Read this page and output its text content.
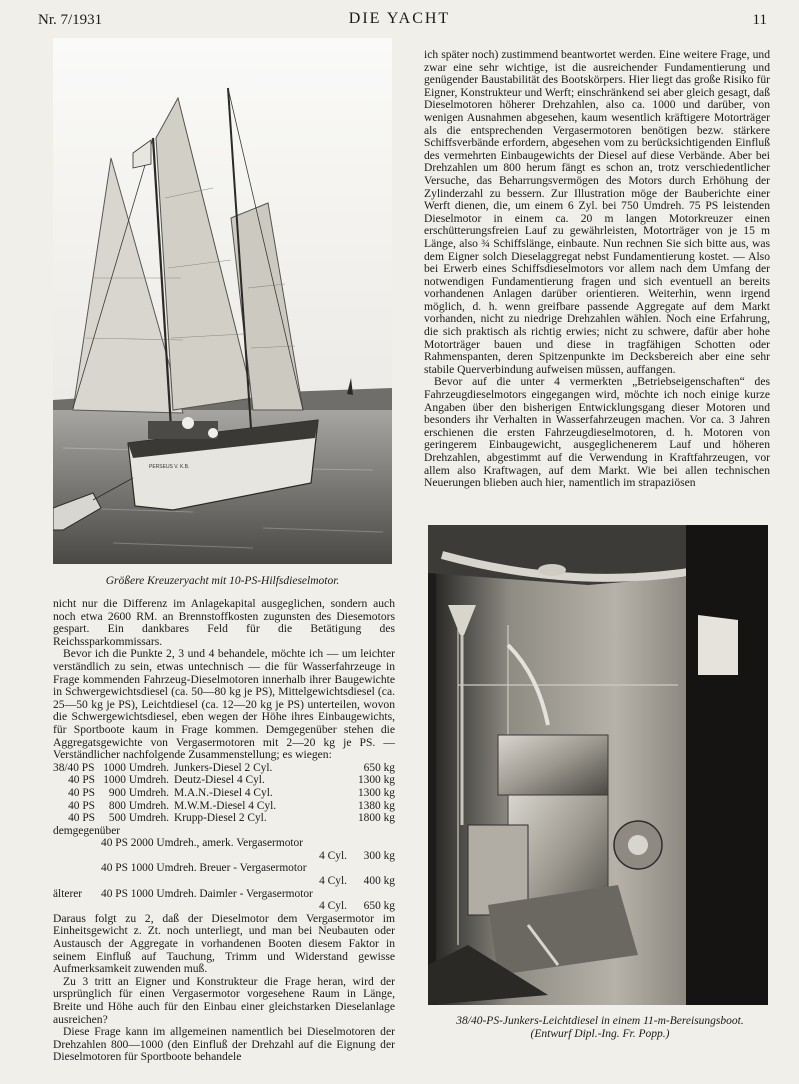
Nr. 7/1931	DIE YACHT	11
PERSEUS V. K.B.
Größere Kreuzeryacht mit 10-PS-Hilfsdieselmotor.

nicht nur die Differenz im Anlagekapital ausgeglichen, sondern auch noch etwa 2600 RM. an Brennstoffkosten zugunsten des Diesemotors gespart. Ein dankbares Feld für die Betätigung des Reichssparkommissars.

Bevor ich die Punkte 2, 3 und 4 behandele, möchte ich — um leichter verständlich zu sein, etwas untechnisch — die für Wasserfahrzeuge in Frage kommenden Fahrzeug-Dieselmotoren innerhalb ihrer Baugewichte in Schwergewichtsdiesel (ca. 50—80 kg je PS), Mittelgewichtsdiesel (ca. 25—50 kg je PS), Leichtdiesel (ca. 12—20 kg je PS) unterteilen, wovon die Schwergewichtsdiesel, eben wegen der Höhe ihres Einbaugewichts, für Sportboote kaum in Frage kommen. Demgegenüber stehen die Aggregatsgewichte von Vergasermotoren mit 2—20 kg je PS. — Verständlicher nachfolgende Zusammenstellung; es wiegen:

38/40 PS 1000 Umdreh. Junkers-Diesel 2 Cyl.	650 kg
40 PS 1000 Umdreh. Deutz-Diesel 4 Cyl.	1300 kg
40 PS	900 Umdreh. M.A.N.-Diesel 4 Cyl.	1300 kg
40 PS	800 Umdreh. M.W.M.-Diesel 4 Cyl.	1380 kg
40 PS	500 Umdreh. Krupp-Diesel 2 Cyl.	1800 kg
demgegenüber
40 PS 2000 Umdreh., amerk. Vergasermotor
4 Cyl.	300 kg
40 PS 1000 Umdreh. Breuer - Vergasermotor
4 Cyl.	400 kg
älterer	40 PS 1000 Umdreh. Daimler - Vergasermotor
4 Cyl.	650 kg

Daraus folgt zu 2, daß der Dieselmotor dem Vergasermotor im Einheitsgewicht z. Zt. noch unterliegt, und man bei Neubauten oder Austausch der Aggregate in vorhandenen Booten diesem Faktor in seinem Einfluß auf Tauchung, Trimm und Widerstand gewisse Aufmerksamkeit zuwenden muß.

Zu 3 tritt an Eigner und Konstrukteur die Frage heran, wird der ursprünglich für einen Vergasermotor vorgesehene Raum in Länge, Breite und Höhe auch für den Einbau einer gleichstarken Dieselanlage ausreichen?

Diese Frage kann im allgemeinen namentlich bei Dieselmotoren der Drehzahlen 800—1000 (den Einfluß der Drehzahl auf die Eignung der Dieselmotoren für Sportboote behandele

ich später noch) zustimmend beantwortet werden. Eine weitere Frage, und zwar eine sehr wichtige, ist die ausreichender Fundamentierung und genügender Baustabilität des Bootskörpers. Hier liegt das große Risiko für Eigner, Konstrukteur und Werft; einschränkend sei aber gleich gesagt, daß Dieselmotoren höherer Drehzahlen, also ca. 1000 und darüber, von wenigen Ausnahmen abgesehen, kaum wesentlich kräftigere Motorträger als die entsprechenden Vergasermotoren benötigen bezw. stärkere Schiffsverbände erfordern, abgesehen vom zu berücksichtigenden Einfluß des vermehrten Einbaugewichts der Diesel auf diese Verbände. Aber bei Drehzahlen um 800 herum fängt es schon an, trotz verschiedentlicher Versuche, das Beharrungsvermögen des Motors durch Erhöhung der Zylinderzahl zu bessern. Zur Illustration möge der Bauberichte einer Werft dienen, die, um einem 6 Zyl. bei 750 Umdreh. 75 PS leistenden Dieselmotor in einem ca. 20 m langen Motorkreuzer einen erschütterungsfreien Lauf zu gewährleisten, Motorträger von je 15 m Länge, also ¾ Schiffslänge, einbaute. Nun rechnen Sie sich bitte aus, was dem Eigner solch Dieselaggregat nebst Fundamentierung kostet. — Also bei Erwerb eines Schiffsdieselmotors vor allem nach dem Umfang der notwendigen Fundamentierung fragen und sich eventuell an bereits vorhandenen Anlagen darüber orientieren. Weiterhin, wenn irgend möglich, d. h. wenn greifbare passende Aggregate auf dem Markt vorhanden, nicht zu niedrige Drehzahlen wählen. Noch eine Erfahrung, die sich praktisch als richtig erwies; nicht zu schwere, dafür aber hohe Motorträger bauen und diese in tragfähigen Schotten oder Rahmenspanten, deren Spitzenpunkte im Decksbereich aber eine sehr stabile Querverbindung aufweisen müssen, auffangen.

Bevor auf die unter 4 vermerkten „Betriebseigenschaften“ des Fahrzeugdieselmotors eingegangen wird, möchte ich noch einige kurze Angaben über den bisherigen Entwicklungsgang dieser Motoren und besonders ihr Verhalten in Wasserfahrzeugen machen. Vor ca. 3 Jahren erschienen die ersten Fahrzeugdieselmotoren, d. h. Motoren von geringerem Einbaugewicht, ausgeglichenerem Lauf und höheren Drehzahlen, abgestimmt auf die Verwendung in Kraftfahrzeugen, vor allem also Kraftwagen, auf dem Markt. Wie bei allen technischen Neuerungen blieben auch hier, namentlich im strapaziösen

38/40-PS-Junkers-Leichtdiesel in einem 11-m-Bereisungsboot.
(Entwurf Dipl.-Ing. Fr. Popp.)
